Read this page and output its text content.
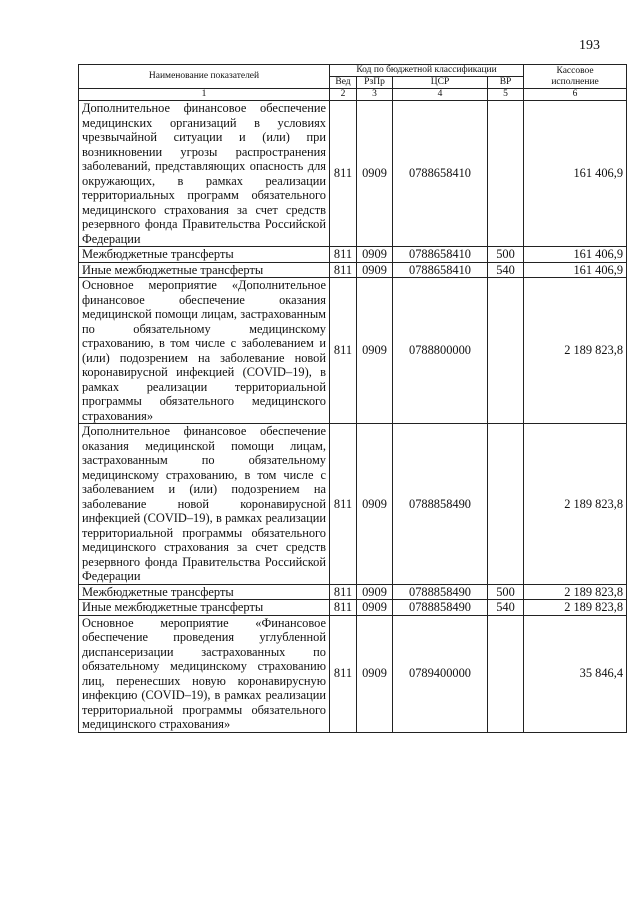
193
Наименование показателей	Код по бюджетной классификации				Кассовое
исполнение
	Вед	РзПр	ЦСР	ВР	
1	2	3	4	5	6
Дополнительное финансовое обеспечение медицинских организаций в условиях чрезвычайной ситуации и (или) при возникновении угрозы распространения заболеваний, представляющих опасность для окружающих, в рамках реализации территориальных программ обязательного медицинского страхования за счет средств резервного фонда Правительства Российской Федерации	811	0909	0788658410		161 406,9
Межбюджетные трансферты	811	0909	0788658410	500	161 406,9
Иные межбюджетные трансферты	811	0909	0788658410	540	161 406,9
Основное мероприятие «Дополнительное финансовое обеспечение оказания медицинской помощи лицам, застрахованным по обязательному медицинскому страхованию, в том числе с заболеванием и (или) подозрением на заболевание новой коронавирусной инфекцией (COVID–19), в рамках реализации территориальной программы обязательного медицинского страхования»	811	0909	0788800000		2 189 823,8
Дополнительное финансовое обеспечение оказания медицинской помощи лицам, застрахованным по обязательному медицинскому страхованию, в том числе с заболеванием и (или) подозрением на заболевание новой коронавирусной инфекцией (COVID–19), в рамках реализации территориальной программы обязательного медицинского страхования за счет средств резервного фонда Правительства Российской Федерации	811	0909	0788858490		2 189 823,8
Межбюджетные трансферты	811	0909	0788858490	500	2 189 823,8
Иные межбюджетные трансферты	811	0909	0788858490	540	2 189 823,8
Основное мероприятие «Финансовое обеспечение проведения углубленной диспансеризации застрахованных по обязательному медицинскому страхованию лиц, перенесших новую коронавирусную инфекцию (COVID–19), в рамках реализации территориальной программы обязательного медицинского страхования»	811	0909	0789400000		35 846,4
